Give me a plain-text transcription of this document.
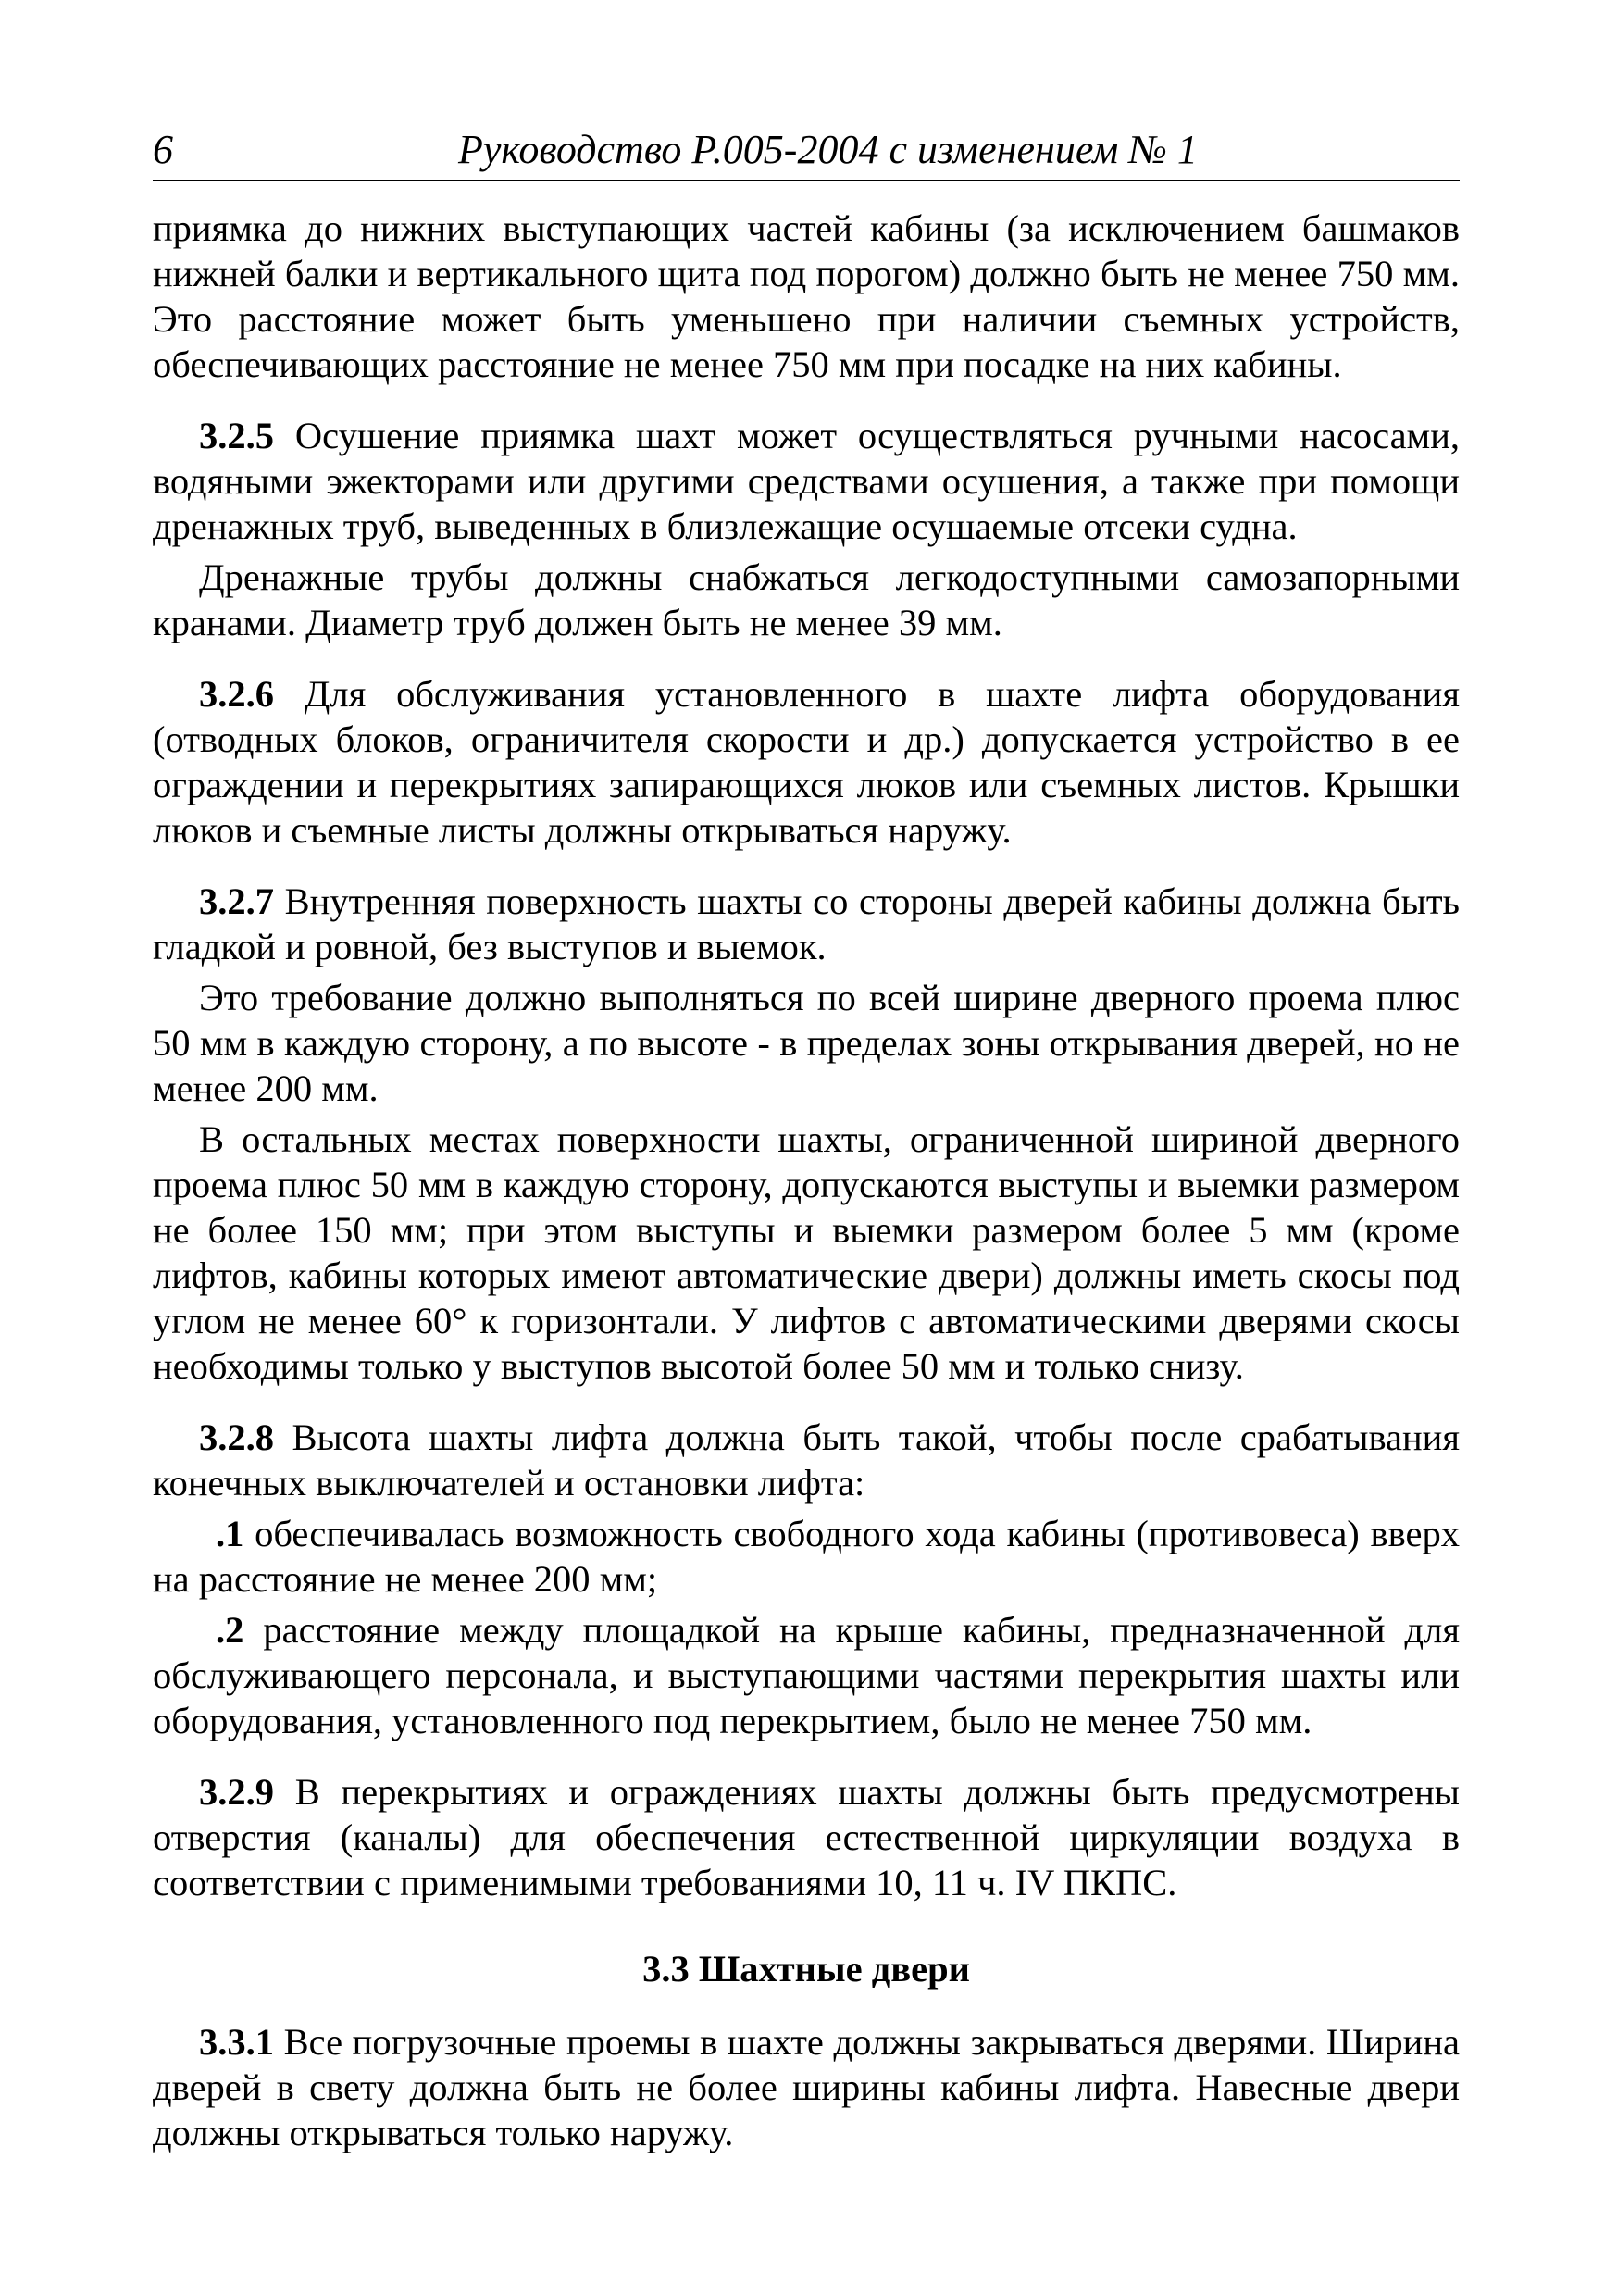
6	Руководство Р.005-2004 с изменением № 1

приямка до нижних выступающих частей кабины (за исключением башмаков нижней балки и вертикального щита под порогом) должно быть не менее 750 мм. Это расстояние может быть уменьшено при наличии съемных устройств, обеспечивающих расстояние не менее 750 мм при посадке на них кабины.

3.2.5 Осушение приямка шахт может осуществляться ручными насосами, водяными эжекторами или другими средствами осушения, а также при помощи дренажных труб, выведенных в близлежащие осушаемые отсеки судна.

Дренажные трубы должны снабжаться легкодоступными самозапорными кранами. Диаметр труб должен быть не менее 39 мм.

3.2.6 Для обслуживания установленного в шахте лифта оборудования (отводных блоков, ограничителя скорости и др.) допускается устройство в ее ограждении и перекрытиях запирающихся люков или съемных листов. Крышки люков и съемные листы должны открываться наружу.

3.2.7 Внутренняя поверхность шахты со стороны дверей кабины должна быть гладкой и ровной, без выступов и выемок.

Это требование должно выполняться по всей ширине дверного проема плюс 50 мм в каждую сторону, а по высоте - в пределах зоны открывания дверей, но не менее 200 мм.

В остальных местах поверхности шахты, ограниченной шириной дверного проема плюс 50 мм в каждую сторону, допускаются выступы и выемки размером не более 150 мм; при этом выступы и выемки размером более 5 мм (кроме лифтов, кабины которых имеют автоматические двери) должны иметь скосы под углом не менее 60° к горизонтали. У лифтов с автоматическими дверями скосы необходимы только у выступов высотой более 50 мм и только снизу.

3.2.8 Высота шахты лифта должна быть такой, чтобы после срабатывания конечных выключателей и остановки лифта:

.1 обеспечивалась возможность свободного хода кабины (противовеса) вверх на расстояние не менее 200 мм;

.2 расстояние между площадкой на крыше кабины, предназначенной для обслуживающего персонала, и выступающими частями перекрытия шахты или оборудования, установленного под перекрытием, было не менее 750 мм.

3.2.9 В перекрытиях и ограждениях шахты должны быть предусмотрены отверстия (каналы) для обеспечения естественной циркуляции воздуха в соответствии с применимыми требованиями 10, 11 ч. IV ПКПС.

3.3 Шахтные двери

3.3.1 Все погрузочные проемы в шахте должны закрываться дверями. Ширина дверей в свету должна быть не более ширины кабины лифта. Навесные двери должны открываться только наружу.
